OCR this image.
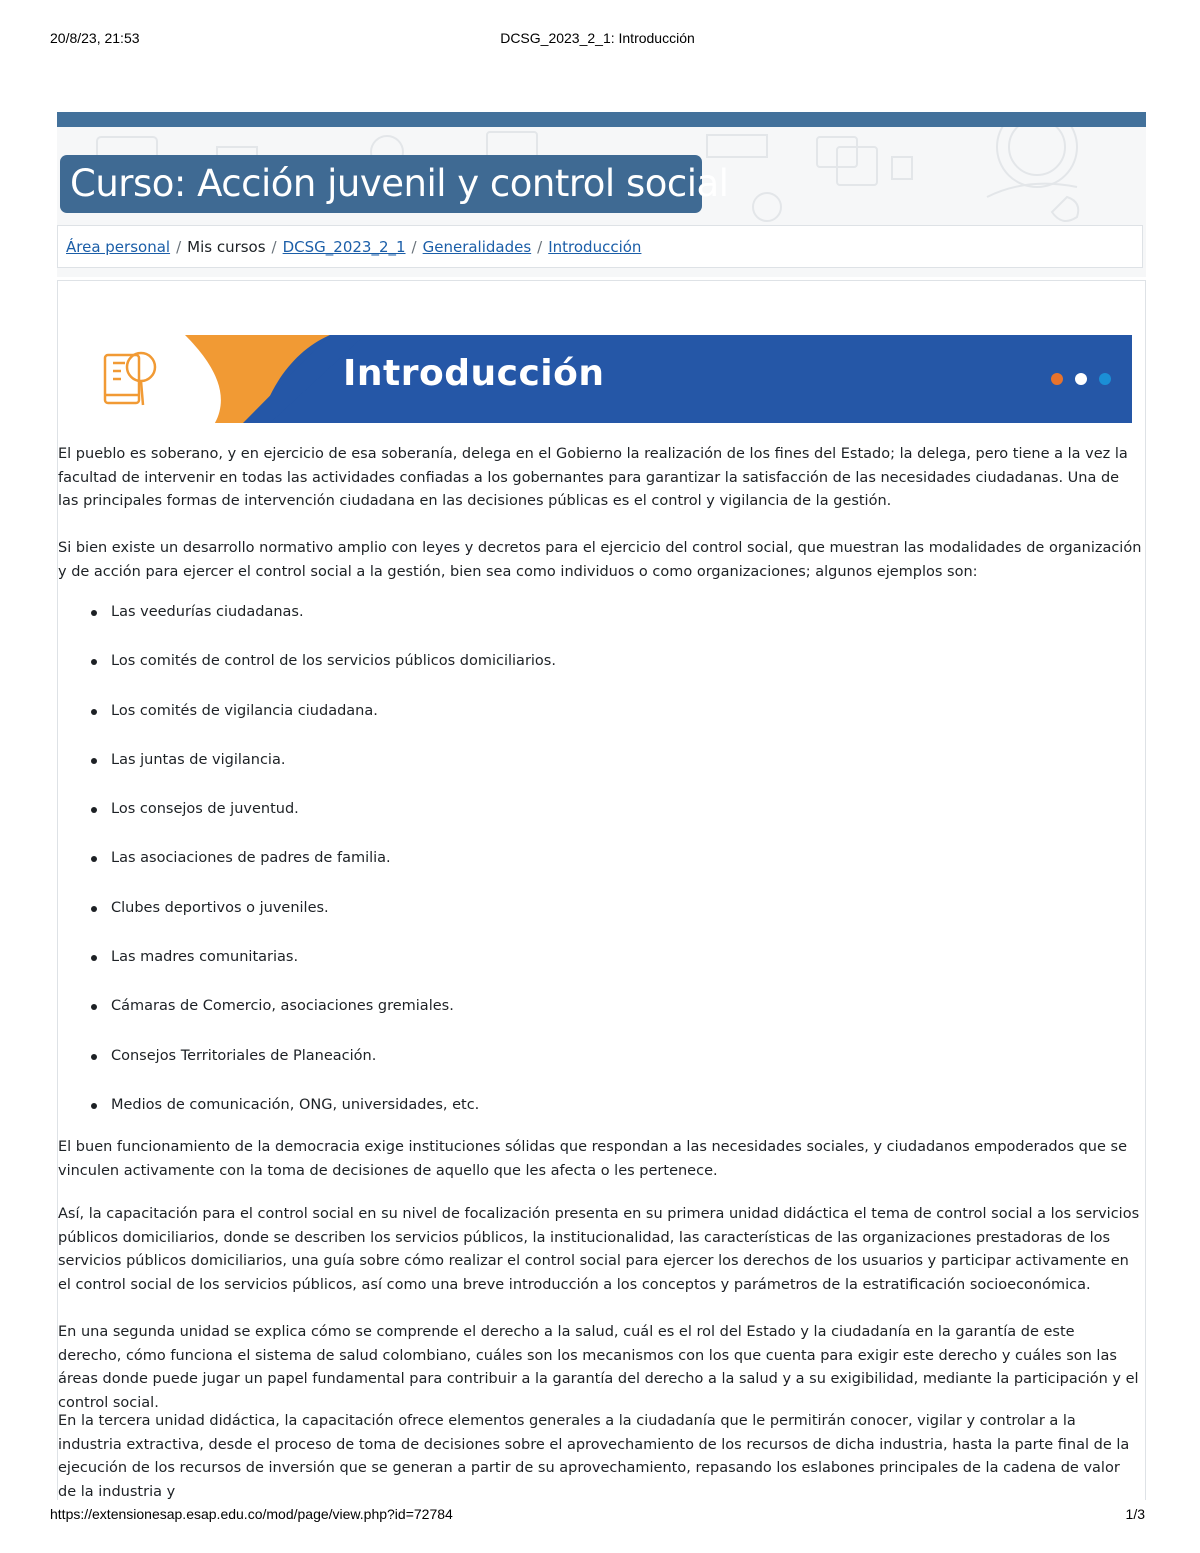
20/8/23, 21:53	DCSG_2023_2_1: Introducción
Curso: Acción juvenil y control social
Área personal / Mis cursos / DCSG_2023_2_1 / Generalidades / Introducción
Introducción

El pueblo es soberano, y en ejercicio de esa soberanía, delega en el Gobierno la realización de los fines del Estado; la delega, pero tiene a la vez la facultad de intervenir en todas las actividades confiadas a los gobernantes para garantizar la satisfacción de las necesidades ciudadanas. Una de las principales formas de intervención ciudadana en las decisiones públicas es el control y vigilancia de la gestión.

Si bien existe un desarrollo normativo amplio con leyes y decretos para el ejercicio del control social, que muestran las modalidades de organización y de acción para ejercer el control social a la gestión, bien sea como individuos o como organizaciones; algunos ejemplos son:

Las veedurías ciudadanas.
Los comités de control de los servicios públicos domiciliarios.
Los comités de vigilancia ciudadana.
Las juntas de vigilancia.
Los consejos de juventud.
Las asociaciones de padres de familia.
Clubes deportivos o juveniles.
Las madres comunitarias.
Cámaras de Comercio, asociaciones gremiales.
Consejos Territoriales de Planeación.
Medios de comunicación, ONG, universidades, etc.

El buen funcionamiento de la democracia exige instituciones sólidas que respondan a las necesidades sociales, y ciudadanos empoderados que se vinculen activamente con la toma de decisiones de aquello que les afecta o les pertenece.

Así, la capacitación para el control social en su nivel de focalización presenta en su primera unidad didáctica el tema de control social a los servicios públicos domiciliarios, donde se describen los servicios públicos, la institucionalidad, las características de las organizaciones prestadoras de los servicios públicos domiciliarios, una guía sobre cómo realizar el control social para ejercer los derechos de los usuarios y participar activamente en el control social de los servicios públicos, así como una breve introducción a los conceptos y parámetros de la estratificación socioeconómica.

En una segunda unidad se explica cómo se comprende el derecho a la salud, cuál es el rol del Estado y la ciudadanía en la garantía de este derecho, cómo funciona el sistema de salud colombiano, cuáles son los mecanismos con los que cuenta para exigir este derecho y cuáles son las áreas donde puede jugar un papel fundamental para contribuir a la garantía del derecho a la salud y a su exigibilidad, mediante la participación y el control social.

En la tercera unidad didáctica, la capacitación ofrece elementos generales a la ciudadanía que le permitirán conocer, vigilar y controlar a la industria extractiva, desde el proceso de toma de decisiones sobre el aprovechamiento de los recursos de dicha industria, hasta la parte final de la ejecución de los recursos de inversión que se generan a partir de su aprovechamiento, repasando los eslabones principales de la cadena de valor de la industria y

https://extensionesap.esap.edu.co/mod/page/view.php?id=72784	1/3
